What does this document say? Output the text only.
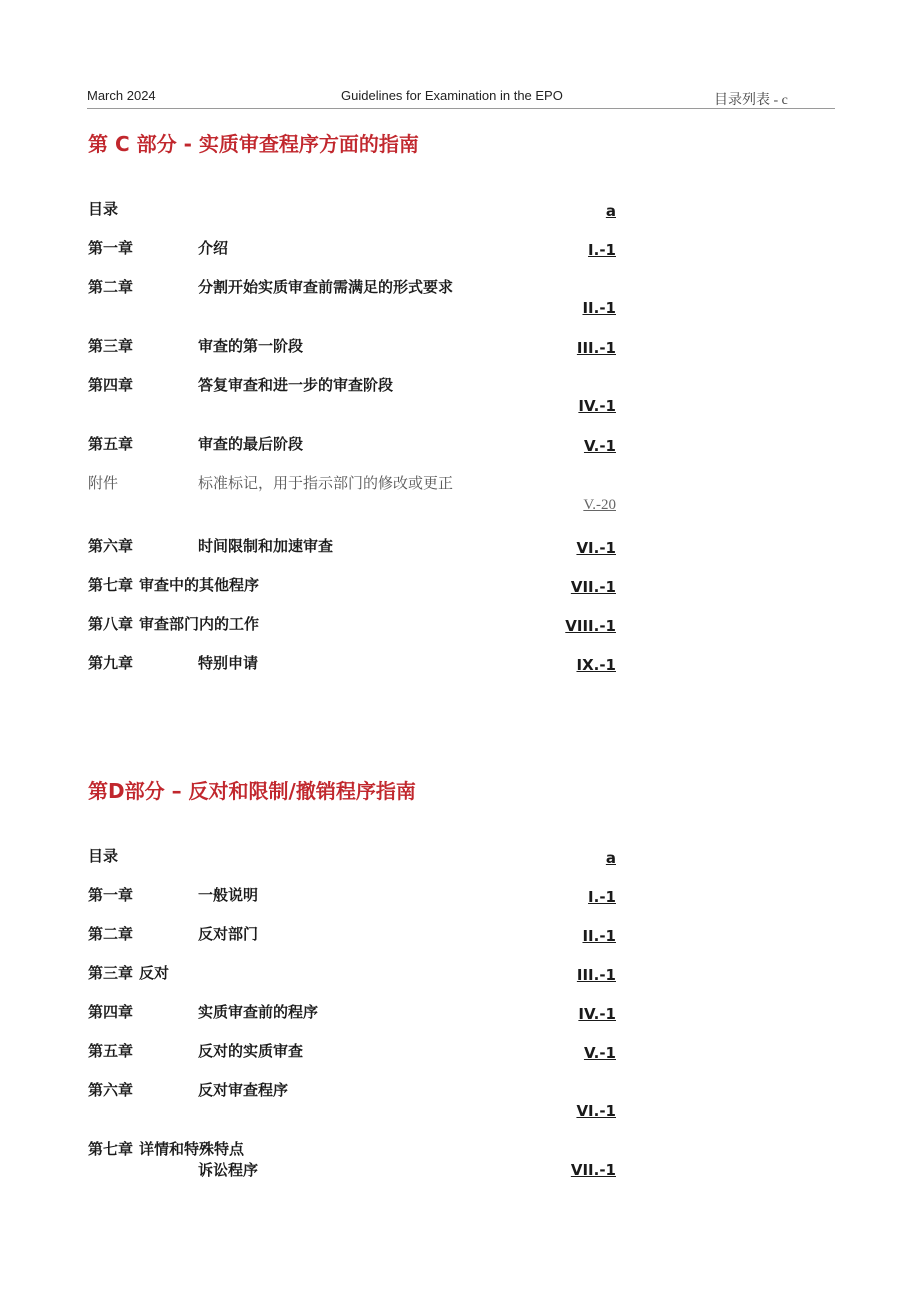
March 2024	Guidelines for Examination in the EPO	目录列表 - c
第 C 部分 - 实质审查程序方面的指南
目录	a
第一章	介绍	I.-1
第二章	分割开始实质审查前需满足的形式要求
II.-1
第三章	审查的第一阶段	III.-1
第四章	答复审查和进一步的审查阶段
IV.-1
第五章	审查的最后阶段	V.-1
附件	标准标记，用于指示部门的修改或更正
V.-20
第六章	时间限制和加速审查	VI.-1
第七章 审查中的其他程序	VII.-1
第八章 审查部门内的工作	VIII.-1
第九章	特别申请	IX.-1
第D部分 – 反对和限制/撤销程序指南
目录	a
第一章	一般说明	I.-1
第二章	反对部门	II.-1
第三章 反对	III.-1
第四章	实质审查前的程序	IV.-1
第五章	反对的实质审查	V.-1
第六章	反对审查程序
VI.-1
第七章 详情和特殊特点
诉讼程序	VII.-1
